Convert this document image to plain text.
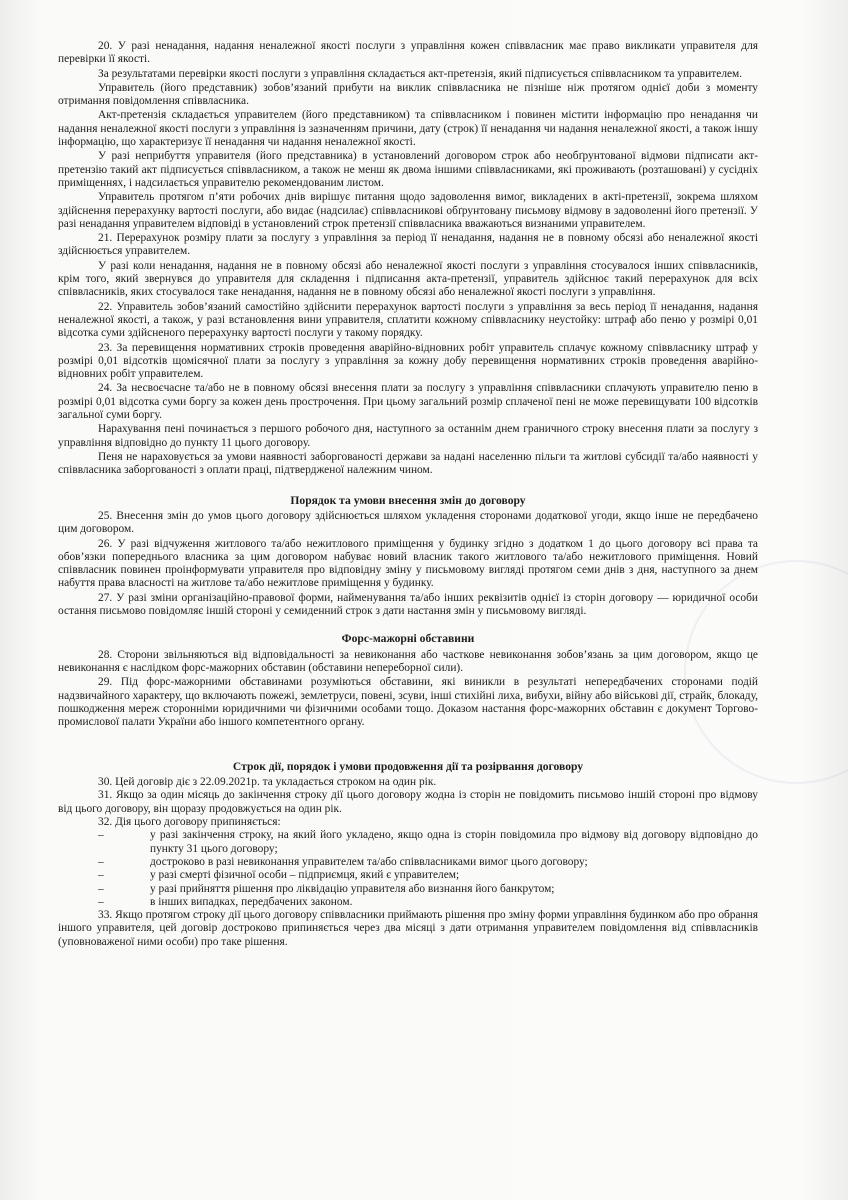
20. У разі ненадання, надання неналежної якості послуги з управління кожен співвласник має право викликати управителя для перевірки її якості.

За результатами перевірки якості послуги з управління складається акт-претензія, який підписується співвласником та управителем.

Управитель (його представник) зобов’язаний прибути на виклик співвласника не пізніше ніж протягом однієї доби з моменту отримання повідомлення співвласника.

Акт-претензія складається управителем (його представником) та співвласником і повинен містити інформацію про ненадання чи надання неналежної якості послуги з управління із зазначенням причини, дату (строк) її ненадання чи надання неналежної якості, а також іншу інформацію, що характеризує її ненадання чи надання неналежної якості.

У разі неприбуття управителя (його представника) в установлений договором строк або необґрунтованої відмови підписати акт-претензію такий акт підписується співвласником, а також не менш як двома іншими співвласниками, які проживають (розташовані) у сусідніх приміщеннях, і надсилається управителю рекомендованим листом.

Управитель протягом п’яти робочих днів вирішує питання щодо задоволення вимог, викладених в акті-претензії, зокрема шляхом здійснення перерахунку вартості послуги, або видає (надсилає) співвласникові обґрунтовану письмову відмову в задоволенні його претензії. У разі ненадання управителем відповіді в установлений строк претензії співвласника вважаються визнаними управителем.

21. Перерахунок розміру плати за послугу з управління за період її ненадання, надання не в повному обсязі або неналежної якості здійснюється управителем.

У разі коли ненадання, надання не в повному обсязі або неналежної якості послуги з управління стосувалося інших співвласників, крім того, який звернувся до управителя для складення і підписання акта-претензії, управитель здійснює такий перерахунок для всіх співвласників, яких стосувалося таке ненадання, надання не в повному обсязі або неналежної якості послуги з управління.

22. Управитель зобов’язаний самостійно здійснити перерахунок вартості послуги з управління за весь період її ненадання, надання неналежної якості, а також, у разі встановлення вини управителя, сплатити кожному співвласнику неустойку: штраф або пеню у розмірі 0,01 відсотка суми здійсненого перерахунку вартості послуги у такому порядку.

23. За перевищення нормативних строків проведення аварійно-відновних робіт управитель сплачує кожному співвласнику штраф у розмірі 0,01 відсотків щомісячної плати за послугу з управління за кожну добу перевищення нормативних строків проведення аварійно-відновних робіт управителем.

24. За несвоєчасне та/або не в повному обсязі внесення плати за послугу з управління співвласники сплачують управителю пеню в розмірі 0,01 відсотка суми боргу за кожен день прострочення. При цьому загальний розмір сплаченої пені не може перевищувати 100 відсотків загальної суми боргу.

Нарахування пені починається з першого робочого дня, наступного за останнім днем граничного строку внесення плати за послугу з управління відповідно до пункту 11 цього договору.

Пеня не нараховується за умови наявності заборгованості держави за надані населенню пільги та житлові субсидії та/або наявності у співвласника заборгованості з оплати праці, підтвердженої належним чином.

Порядок та умови внесення змін до договору

25. Внесення змін до умов цього договору здійснюється шляхом укладення сторонами додаткової угоди, якщо інше не передбачено цим договором.

26. У разі відчуження житлового та/або нежитлового приміщення у будинку згідно з додатком 1 до цього договору всі права та обов’язки попереднього власника за цим договором набуває новий власник такого житлового та/або нежитлового приміщення. Новий співвласник повинен проінформувати управителя про відповідну зміну у письмовому вигляді протягом семи днів з дня, наступного за днем набуття права власності на житлове та/або нежитлове приміщення у будинку.

27. У разі зміни організаційно-правової форми, найменування та/або інших реквізитів однієї із сторін договору — юридичної особи остання письмово повідомляє іншій стороні у семиденний строк з дати настання змін у письмовому вигляді.

Форс-мажорні обставини

28. Сторони звільняються від відповідальності за невиконання або часткове невиконання зобов’язань за цим договором, якщо це невиконання є наслідком форс-мажорних обставин (обставини непереборної сили).

29. Під форс-мажорними обставинами розуміються обставини, які виникли в результаті непередбачених сторонами подій надзвичайного характеру, що включають пожежі, землетруси, повені, зсуви, інші стихійні лиха, вибухи, війну або військові дії, страйк, блокаду, пошкодження мереж сторонніми юридичними чи фізичними особами тощо. Доказом настання форс-мажорних обставин є документ Торгово-промислової палати України або іншого компетентного органу.

Строк дії, порядок і умови продовження дії та розірвання договору

30. Цей договір діє з 22.09.2021р. та укладається строком на один рік.

31. Якщо за один місяць до закінчення строку дії цього договору жодна із сторін не повідомить письмово іншій стороні про відмову від цього договору, він щоразу продовжується на один рік.

32. Дія цього договору припиняється:

–	у разі закінчення строку, на який його укладено, якщо одна із сторін повідомила про відмову від договору відповідно до пункту 31 цього договору;
–	достроково в разі невиконання управителем та/або співвласниками вимог цього договору;
–	у разі смерті фізичної особи – підприємця, який є управителем;
–	у разі прийняття рішення про ліквідацію управителя або визнання його банкрутом;
–	в інших випадках, передбачених законом.

33. Якщо протягом строку дії цього договору співвласники приймають рішення про зміну форми управління будинком або про обрання іншого управителя, цей договір достроково припиняється через два місяці з дати отримання управителем повідомлення від співвласників (уповноваженої ними особи) про таке рішення.
